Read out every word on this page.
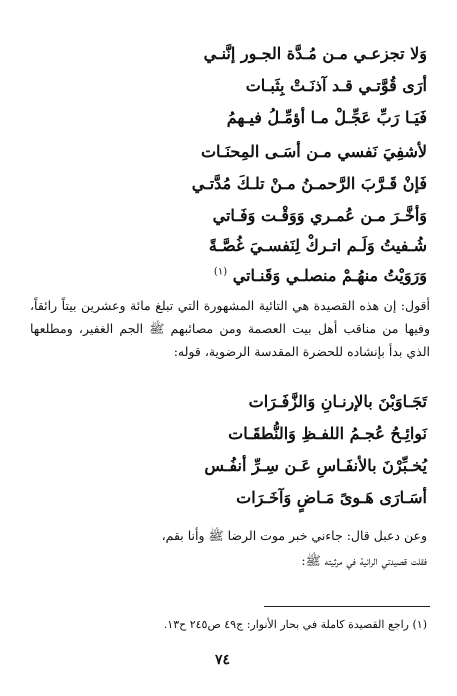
وَلا تجزعـي مـن مُـدَّة الجـور إنَّنـي
أرَى قُوَّتـي قـد آذنَـتْ بِثَبـات
فَيَـا رَبِّ عَجِّـلْ مـا أؤمِّـلُ فيـهمُ
لأشفِيَ نَفسي مـن أسَـى المِحنَـات
فَإنْ قَـرَّبَ الرَّحمـنُ مـنْ تلـكَ مُدَّتـي
وَأخَّـرَ مـن عُمـري وَوَقْـت وَفَـاتي
شُـفيتُ وَلَـم اتـركْ لِنَفسـيَ غُصَّـةً
وَرَوَيْتُ منهُـمْ منصلـي وَقَنـاتي $^{(١)}$
أقول: إن هذه القصيدة هي التائية المشهورة التي تبلغ مائة وعشرين بيتاً رائقاً، وفيها من مناقب أهل بيت العصمة ومن مصائبهم ﷺ الجم الغفير، ومطلعها الذي بدأ بإنشاده للحضرة المقدسة الرضوية، قوله:
تَجَـاوَبْنَ بالإرنـانِ وَالزَّفَـرَات
نَوائِـحُ عُجـمُ اللفـظِ وَالنُّطقَـات
يُخـبِّرْنَ بالأنفَـاسِ عَـن سِـرِّ أنفُـس
أسَـارَى هَـوىً مَـاضٍ وَآخَـرَات
وعن دعبل قال: جاءني خبر موت الرضا ﷺ وأنا بقم،
فقلت قصيدتي الرائية في مرثيته ﷺ:
(١) راجع القصيدة كاملة في بحار الأنوار: ج٤٩ ص٢٤٥ ح١٣.
٧٤
